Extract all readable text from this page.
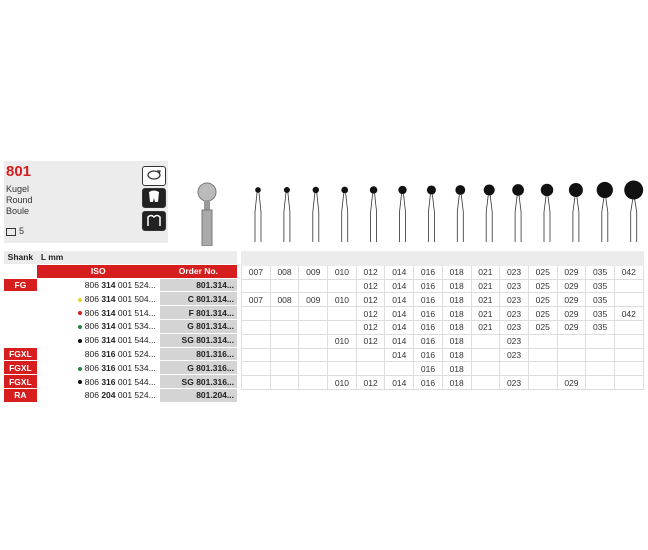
801
Kugel
Round
Boule
5
Shank	L mm	
	ISO	Order No.
FG	806 314 001 524...	801.314...
	806 314 001 504...	C 801.314...
	806 314 001 514...	F 801.314...
	806 314 001 534...	G 801.314...
	806 314 001 544...	SG 801.314...
FGXL	806 316 001 524...	801.316...
FGXL	806 316 001 534...	G 801.316...
FGXL	806 316 001 544...	SG 801.316...
RA	806 204 001 524...	801.204...

007	008	009	010	012	014	016	018	021	023	025	029	035	042
				012	014	016	018	021	023	025	029	035	
007	008	009	010	012	014	016	018	021	023	025	029	035	
				012	014	016	018	021	023	025	029	035	042
				012	014	016	018	021	023	025	029	035	
			010	012	014	016	018		023				
					014	016	018		023				
						016	018						
			010	012	014	016	018		023		029		
